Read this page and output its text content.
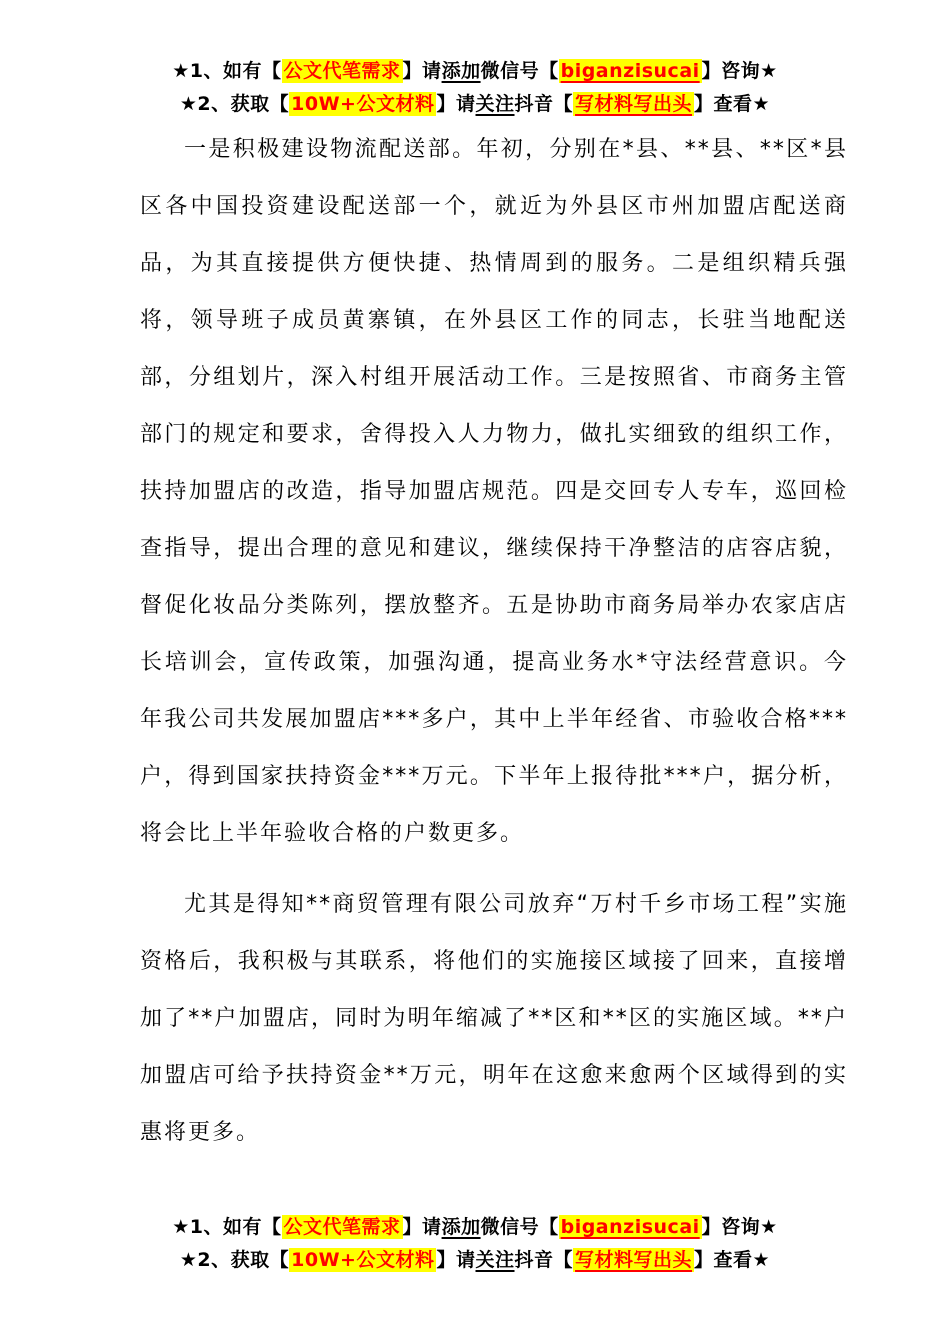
★1、如有【 公文代笔需求 】请添加微信号【 biganzisucai 】咨询★
★2、获取【 10W+公文材料 】请关注抖音【 写材料写出头 】查看★

一是积极建设物流配送部。年初，分别在*县、**县、**区*县区各中国投资建设配送部一个，就近为外县区市州加盟店配送商品，为其直接提供方便快捷、热情周到的服务。二是组织精兵强将，领导班子成员黄寨镇，在外县区工作的同志，长驻当地配送部，分组划片，深入村组开展活动工作。三是按照省、市商务主管部门的规定和要求，舍得投入人力物力，做扎实细致的组织工作，扶持加盟店的改造，指导加盟店规范。四是交回专人专车，巡回检查指导，提出合理的意见和建议，继续保持干净整洁的店容店貌，督促化妆品分类陈列，摆放整齐。五是协助市商务局举办农家店店长培训会，宣传政策，加强沟通，提高业务水*守法经营意识。今年我公司共发展加盟店***多户，其中上半年经省、市验收合格***户，得到国家扶持资金***万元。下半年上报待批***户，据分析，将会比上半年验收合格的户数更多。

尤其是得知**商贸管理有限公司放弃“万村千乡市场工程”实施资格后，我积极与其联系，将他们的实施接区域接了回来，直接增加了**户加盟店，同时为明年缩减了**区和**区的实施区域。**户加盟店可给予扶持资金**万元，明年在这愈来愈两个区域得到的实惠将更多。

★1、如有【 公文代笔需求 】请添加微信号【 biganzisucai 】咨询★
★2、获取【 10W+公文材料 】请关注抖音【 写材料写出头 】查看★
